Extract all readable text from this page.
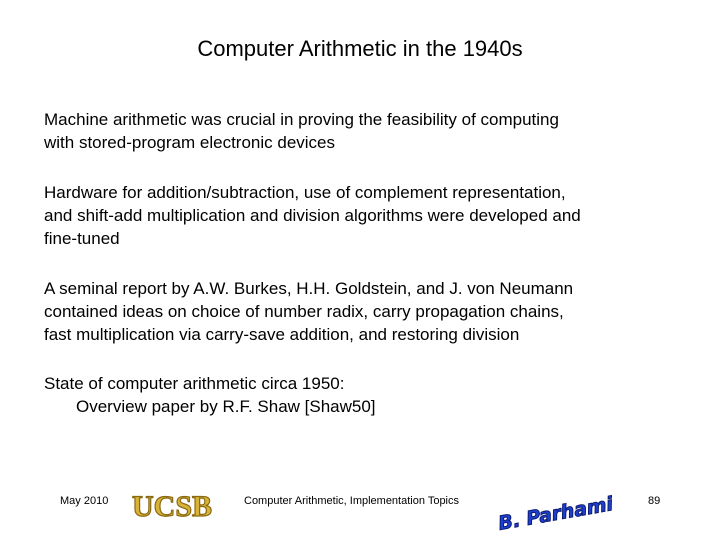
Computer Arithmetic in the 1940s
Machine arithmetic was crucial in proving the feasibility of computing
with stored-program electronic devices
Hardware for addition/subtraction, use of complement representation,
and shift-add multiplication and division algorithms were developed and
fine-tuned
A seminal report by A.W. Burkes, H.H. Goldstein, and J. von Neumann
contained ideas on choice of number radix, carry propagation chains,
fast multiplication via carry-save addition, and restoring division
State of computer arithmetic circa 1950:
Overview paper by R.F. Shaw [Shaw50]
May 2010 UCSB	Computer Arithmetic, Implementation Topics B. Parhami	89
